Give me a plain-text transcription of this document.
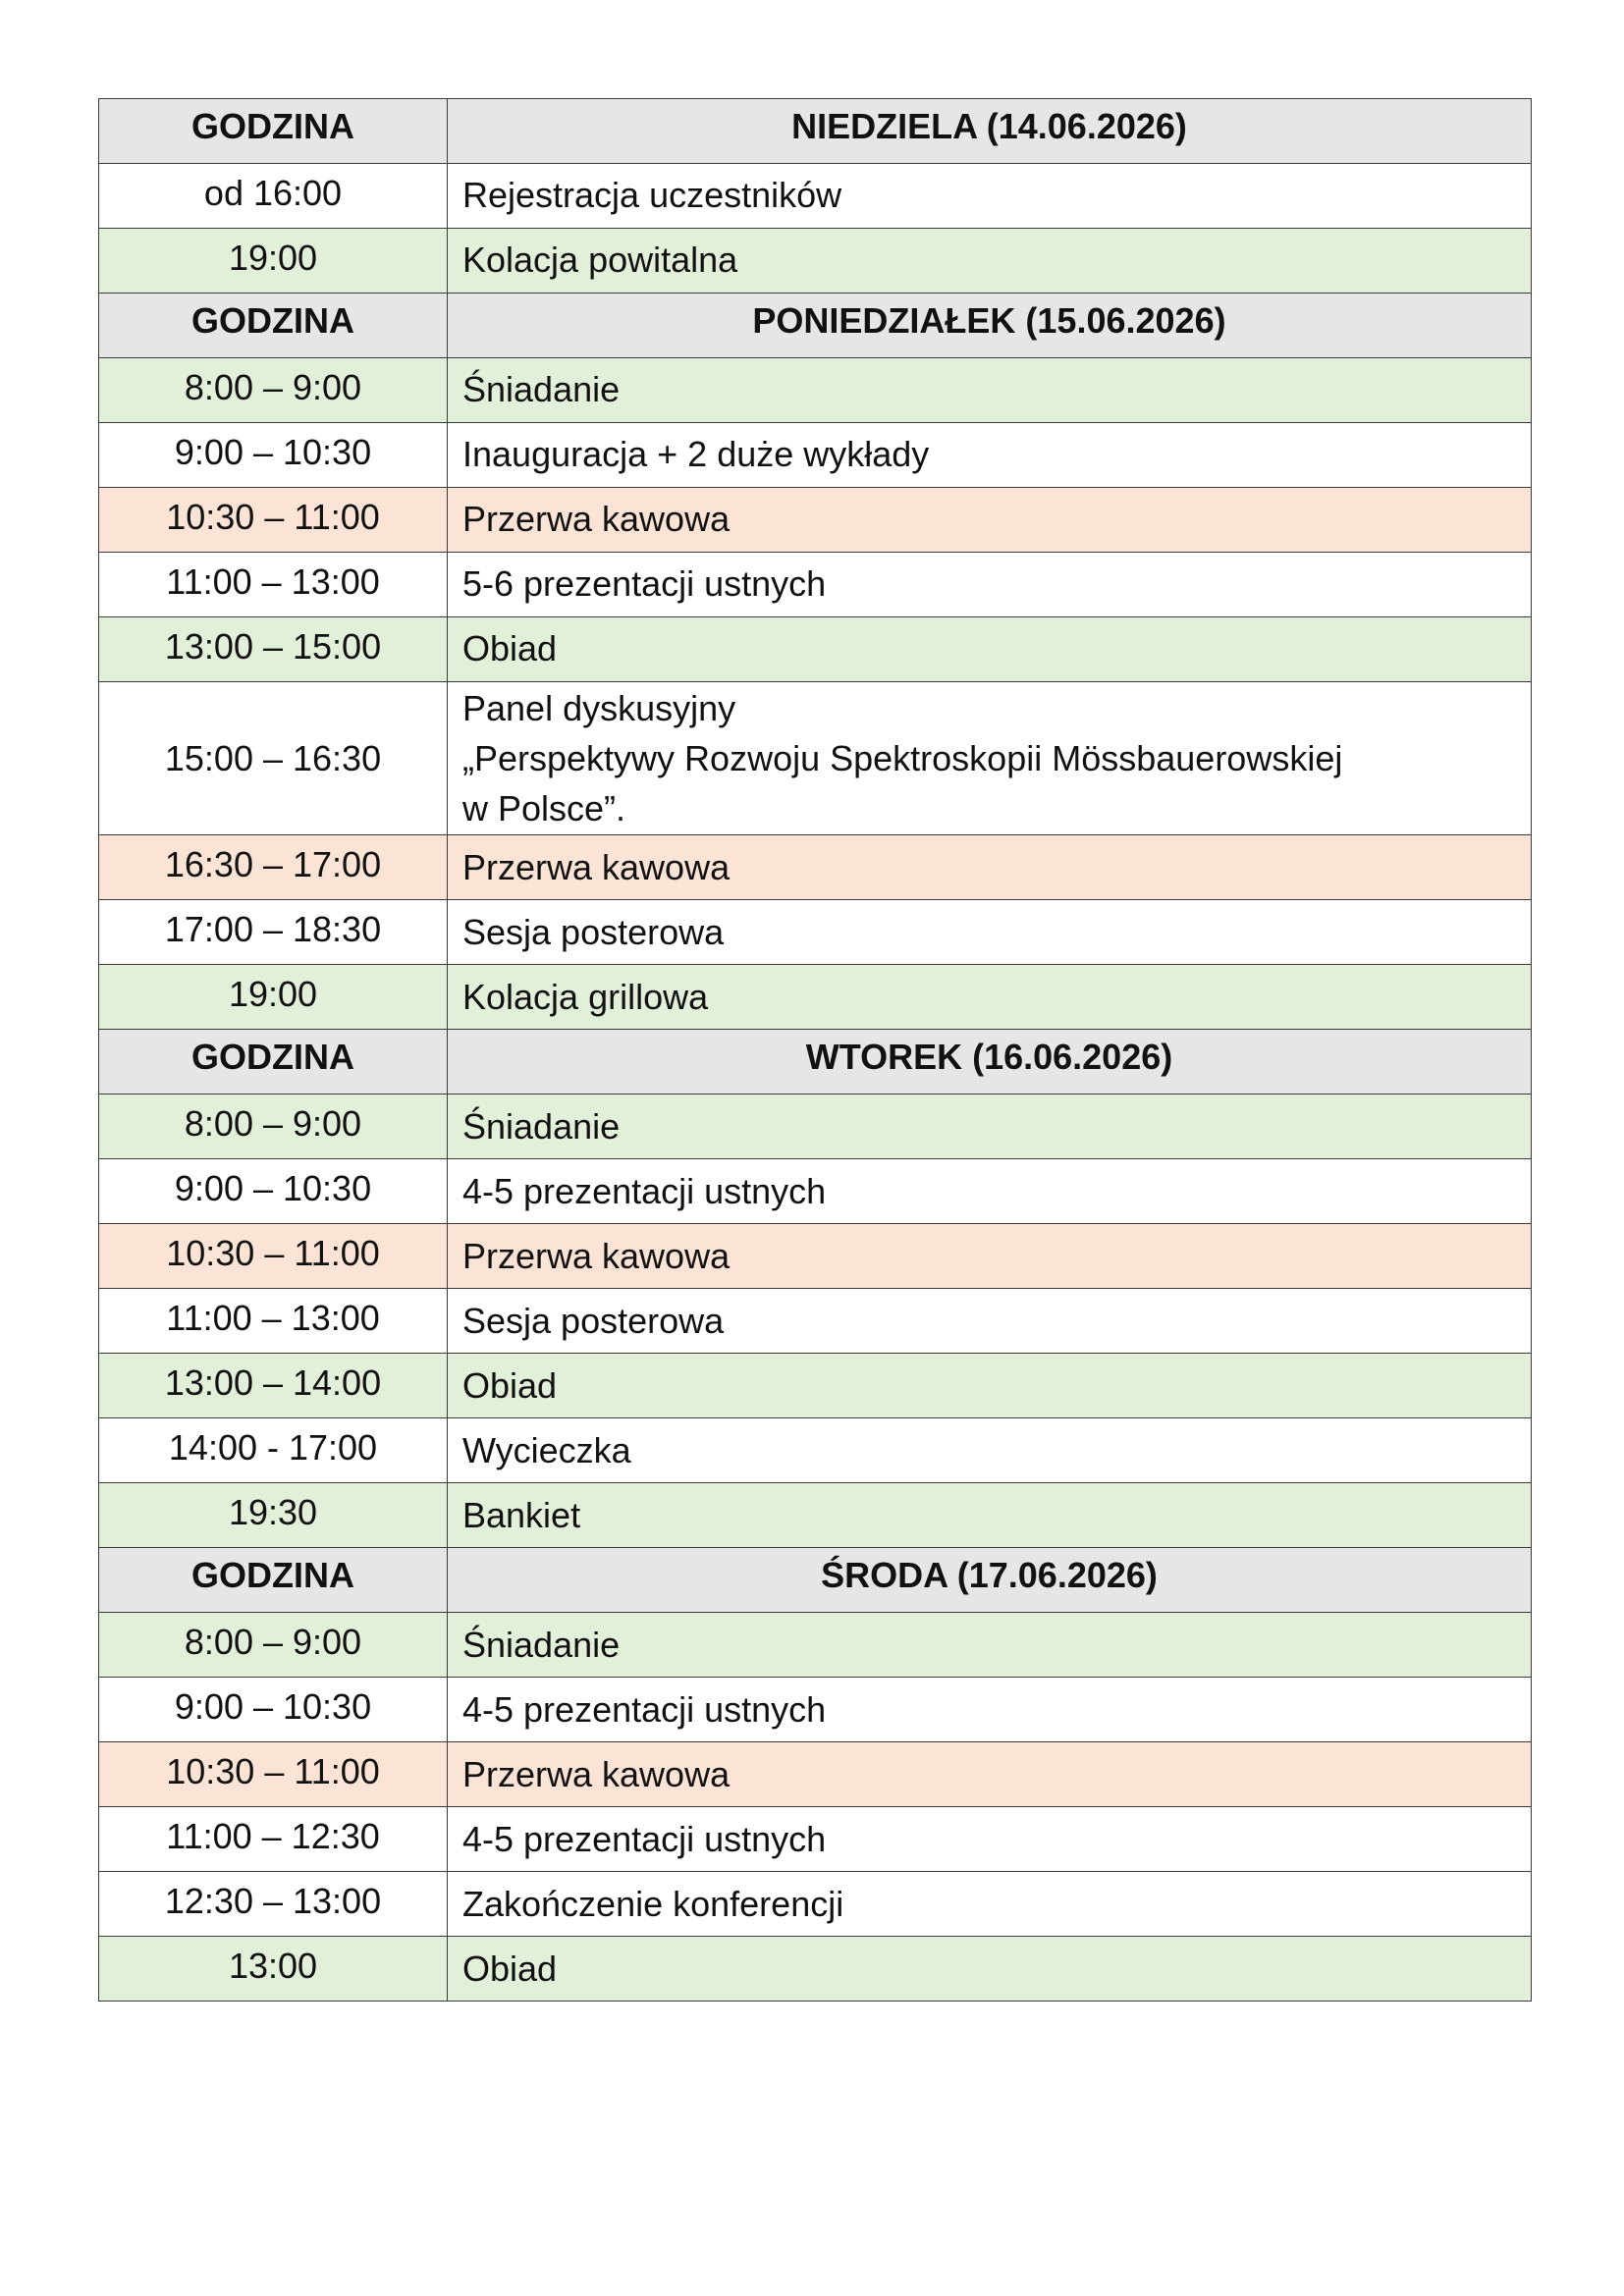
GODZINA	NIEDZIELA (14.06.2026)
od 16:00	Rejestracja uczestników
19:00	Kolacja powitalna
GODZINA	PONIEDZIAŁEK (15.06.2026)
8:00 – 9:00	Śniadanie
9:00 – 10:30	Inauguracja + 2 duże wykłady
10:30 – 11:00	Przerwa kawowa
11:00 – 13:00	5-6 prezentacji ustnych
13:00 – 15:00	Obiad
15:00 – 16:30	Panel dyskusyjny
„Perspektywy Rozwoju Spektroskopii Mössbauerowskiej
w Polsce”.

16:30 – 17:00	Przerwa kawowa
17:00 – 18:30	Sesja posterowa
19:00	Kolacja grillowa
GODZINA	WTOREK (16.06.2026)
8:00 – 9:00	Śniadanie
9:00 – 10:30	4-5 prezentacji ustnych
10:30 – 11:00	Przerwa kawowa
11:00 – 13:00	Sesja posterowa
13:00 – 14:00	Obiad
14:00 - 17:00	Wycieczka
19:30	Bankiet
GODZINA	ŚRODA (17.06.2026)
8:00 – 9:00	Śniadanie
9:00 – 10:30	4-5 prezentacji ustnych
10:30 – 11:00	Przerwa kawowa
11:00 – 12:30	4-5 prezentacji ustnych
12:30 – 13:00	Zakończenie konferencji
13:00	Obiad
